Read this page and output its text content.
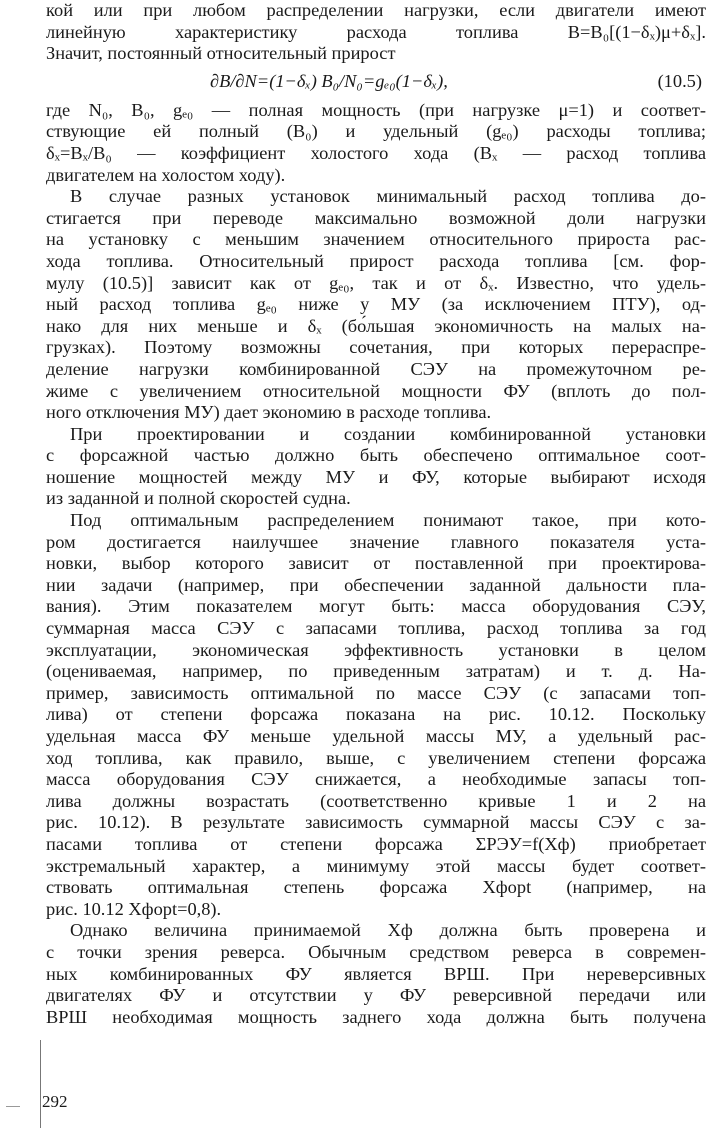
кой или при любом распределении нагрузки, если двигатели имеют
линейную характеристику расхода топлива B=B₀[(1−δₓ)μ+δₓ].
Значит, постоянный относительный прирост
∂B/∂N=(1−δₓ) B₀/N₀=gₑ₀(1−δₓ),	(10.5)
где N₀, B₀, gₑ₀ — полная мощность (при нагрузке μ=1) и соответ-
ствующие ей полный (B₀) и удельный (gₑ₀) расходы топлива;
δₓ=Bₓ/B₀ — коэффициент холостого хода (Bₓ — расход топлива
двигателем на холостом ходу).
В случае разных установок минимальный расход топлива до-
стигается при переводе максимально возможной доли нагрузки
на установку с меньшим значением относительного прироста рас-
хода топлива. Относительный прирост расхода топлива [см. фор-
мулу (10.5)] зависит как от gₑ₀, так и от δₓ. Известно, что удель-
ный расход топлива gₑ₀ ниже у МУ (за исключением ПТУ), од-
нако для них меньше и δₓ (бо́льшая экономичность на малых на-
грузках). Поэтому возможны сочетания, при которых перераспре-
деление нагрузки комбинированной СЭУ на промежуточном ре-
жиме с увеличением относительной мощности ФУ (вплоть до пол-
ного отключения МУ) дает экономию в расходе топлива.
При проектировании и создании комбинированной установки
с форсажной частью должно быть обеспечено оптимальное соот-
ношение мощностей между МУ и ФУ, которые выбирают исходя
из заданной и полной скоростей судна.
Под оптимальным распределением понимают такое, при кото-
ром достигается наилучшее значение главного показателя уста-
новки, выбор которого зависит от поставленной при проектирова-
нии задачи (например, при обеспечении заданной дальности пла-
вания). Этим показателем могут быть: масса оборудования СЭУ,
суммарная масса СЭУ с запасами топлива, расход топлива за год
эксплуатации, экономическая эффективность установки в целом
(оцениваемая, например, по приведенным затратам) и т. д. На-
пример, зависимость оптимальной по массе СЭУ (с запасами топ-
лива) от степени форсажа показана на рис. 10.12. Поскольку
удельная масса ФУ меньше удельной массы МУ, а удельный рас-
ход топлива, как правило, выше, с увеличением степени форсажа
масса оборудования СЭУ снижается, а необходимые запасы топ-
лива должны возрастать (соответственно кривые 1 и 2 на
рис. 10.12). В результате зависимость суммарной массы СЭУ с за-
пасами топлива от степени форсажа ΣPЭУ=f(Xф) приобретает
экстремальный характер, а минимуму этой массы будет соответ-
ствовать оптимальная степень форсажа Xфopt (например, на
рис. 10.12 Xфopt=0,8).
Однако величина принимаемой Xф должна быть проверена и
с точки зрения реверса. Обычным средством реверса в современ-
ных комбинированных ФУ является ВРШ. При нереверсивных
двигателях ФУ и отсутствии у ФУ реверсивной передачи или
ВРШ необходимая мощность заднего хода должна быть получена
292
